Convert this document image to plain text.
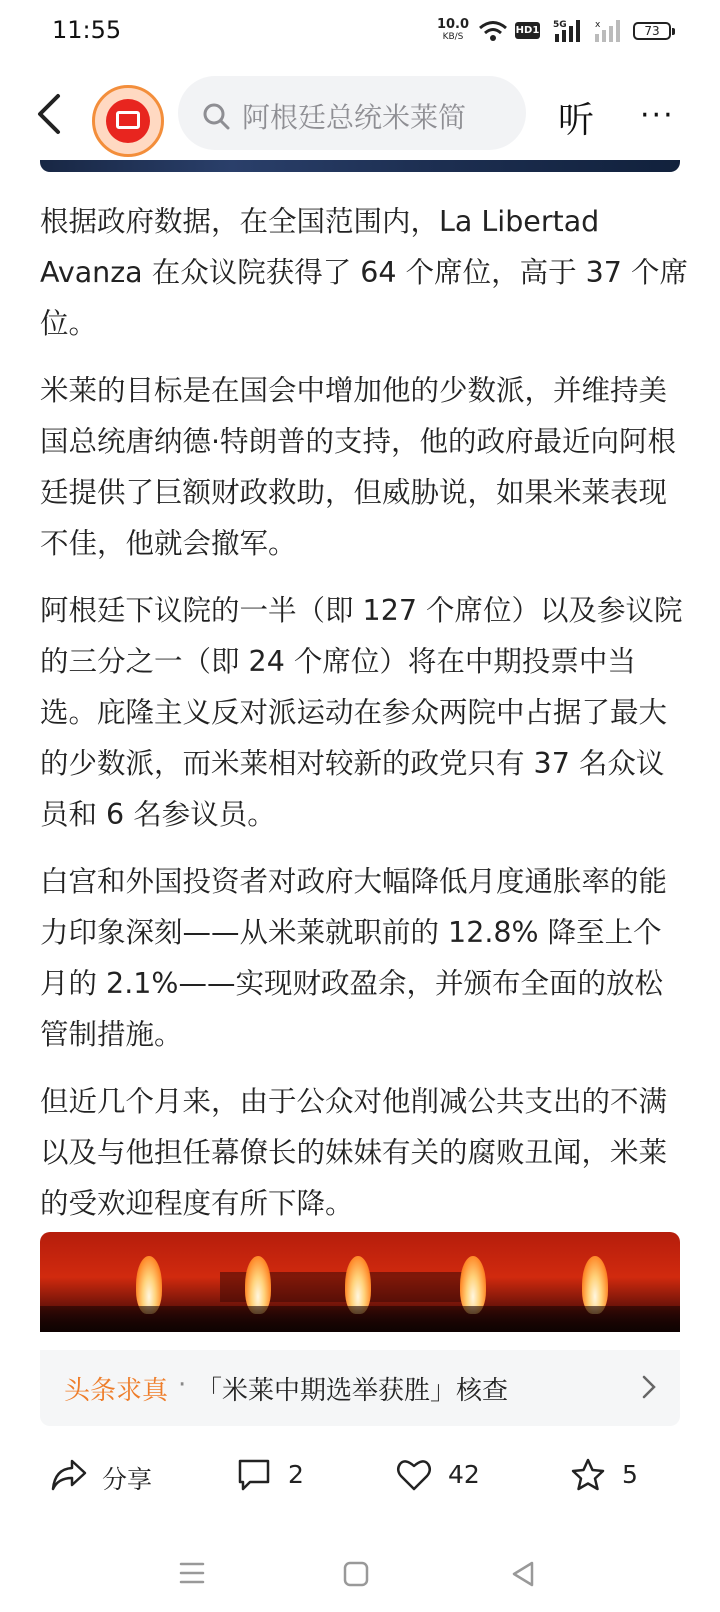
11:55	10.0
KB/S
HD1 5G	x	73
阿根廷总统米莱简	听 ···

根据政府数据，在全国范围内，La Libertad Avanza 在众议院获得了 64 个席位，高于 37 个席位。

米莱的目标是在国会中增加他的少数派，并维持美国总统唐纳德·特朗普的支持，他的政府最近向阿根廷提供了巨额财政救助，但威胁说，如果米莱表现不佳，他就会撤军。

阿根廷下议院的一半（即 127 个席位）以及参议院的三分之一（即 24 个席位）将在中期投票中当选。庇隆主义反对派运动在参众两院中占据了最大的少数派，而米莱相对较新的政党只有 37 名众议员和 6 名参议员。

白宫和外国投资者对政府大幅降低月度通胀率的能力印象深刻——从米莱就职前的 12.8% 降至上个月的 2.1%——实现财政盈余，并颁布全面的放松管制措施。

但近几个月来，由于公众对他削减公共支出的不满以及与他担任幕僚长的妹妹有关的腐败丑闻，米莱的受欢迎程度有所下降。

头条求真 · 「米莱中期选举获胜」核查
分享	2	42	5
